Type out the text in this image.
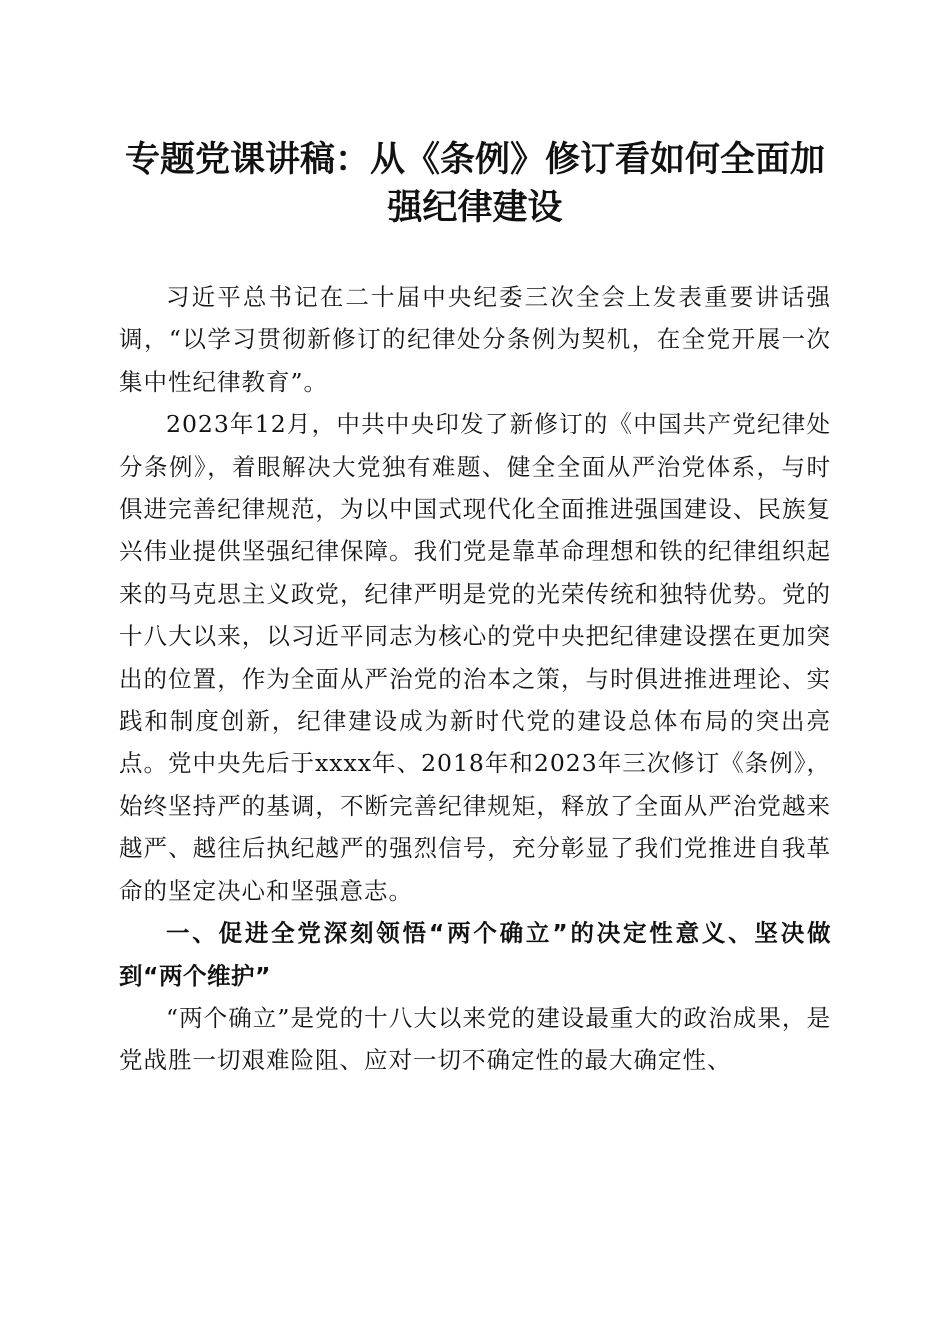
专题党课讲稿：从《条例》修订看如何全面加
强纪律建设

习近平总书记在二十届中央纪委三次全会上发表重要讲话强调，“以学习贯彻新修订的纪律处分条例为契机，在全党开展一次集中性纪律教育”。

2023年12月，中共中央印发了新修订的《中国共产党纪律处分条例》，着眼解决大党独有难题、健全全面从严治党体系，与时俱进完善纪律规范，为以中国式现代化全面推进强国建设、民族复兴伟业提供坚强纪律保障。我们党是靠革命理想和铁的纪律组织起来的马克思主义政党，纪律严明是党的光荣传统和独特优势。党的十八大以来，以习近平同志为核心的党中央把纪律建设摆在更加突出的位置，作为全面从严治党的治本之策，与时俱进推进理论、实践和制度创新，纪律建设成为新时代党的建设总体布局的突出亮点。党中央先后于xxxx年、2018年和2023年三次修订《条例》，始终坚持严的基调，不断完善纪律规矩，释放了全面从严治党越来越严、越往后执纪越严的强烈信号，充分彰显了我们党推进自我革命的坚定决心和坚强意志。

一、促进全党深刻领悟“两个确立”的决定性意义、坚决做到“两个维护”

“两个确立”是党的十八大以来党的建设最重大的政治成果，是党战胜一切艰难险阻、应对一切不确定性的最大确定性、
